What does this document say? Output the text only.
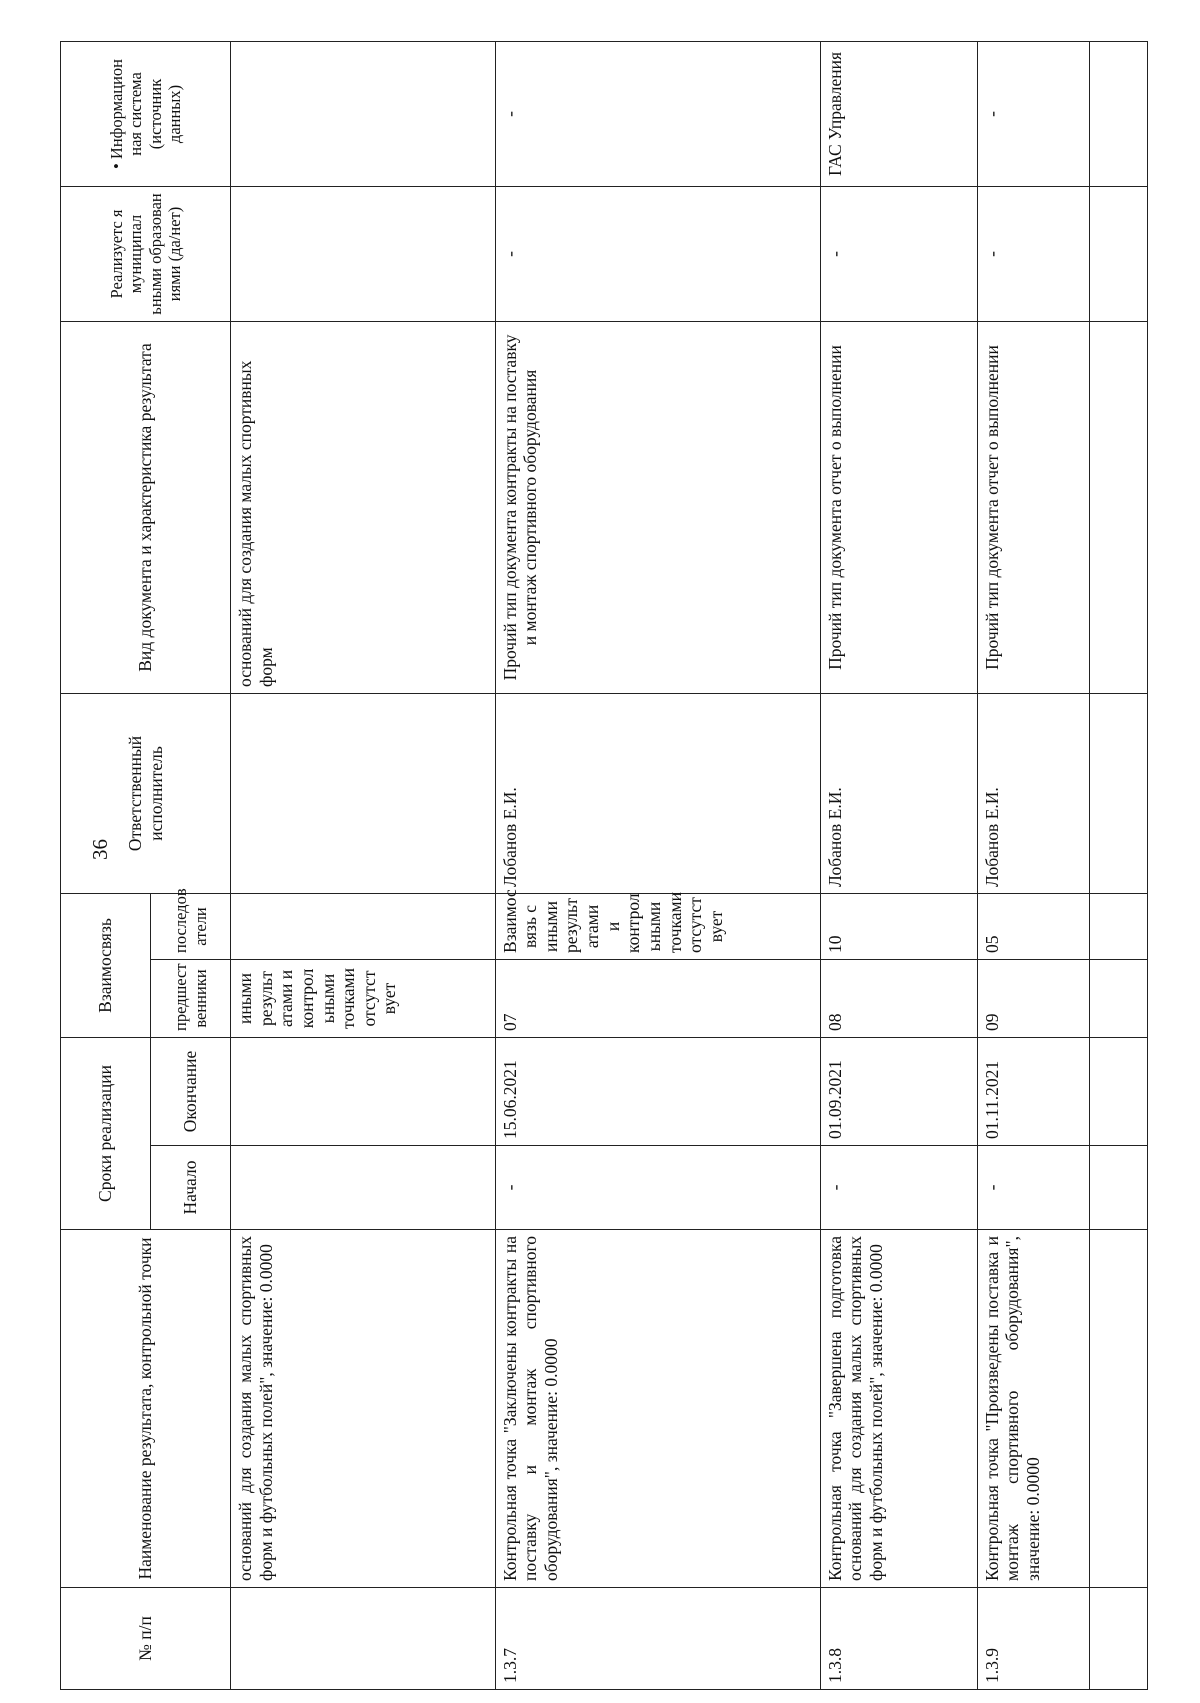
36
№ п/п	Наименование результата, контрольной точки	Сроки реализации		Взаимосвязь		Ответственный исполнитель	Вид документа и характеристика результата	Реализуетс я муниципал ьными образован иями (да/нет)	• Информацион ная система (источник данных)
		Начало	Окончание	предшест венники	последов атели				
	оснований для создания малых спортивных форм и футбольных полей", значение: 0.0000			иными результ атами и контрол ьными точками отсутст вует			оснований для создания малых спортивных форм		
1.3.7	Контрольная точка "Заключены контракты на поставку и монтаж спортивного оборудования", значение: 0.0000	-	15.06.2021	07	Взаимос вязь с иными результ атами и контрол ьными точками отсутст вует	Лобанов Е.И.	Прочий тип документа контракты на поставку и монтаж спортивного оборудования	-	-
1.3.8	Контрольная точка "Завершена подготовка оснований для создания малых спортивных форм и футбольных полей", значение: 0.0000	-	01.09.2021	08	10	Лобанов Е.И.	Прочий тип документа отчет о выполнении	-	ГАС Управления
1.3.9	Контрольная точка "Произведены поставка и монтаж спортивного оборудования", значение: 0.0000	-	01.11.2021	09	05	Лобанов Е.И.	Прочий тип документа отчет о выполнении	-	-
